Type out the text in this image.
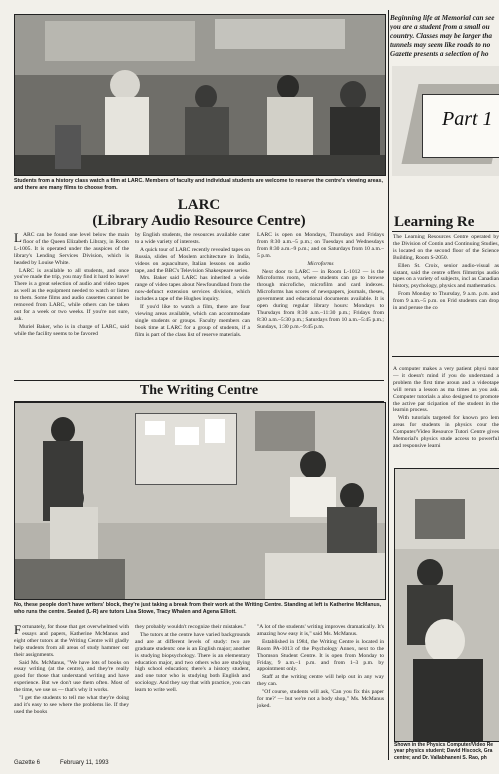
Students from a history class watch a film at LARC. Members of faculty and individual students are welcome to reserve the centre's viewing areas, and there are many films to choose from.
LARC
(Library Audio Resource Centre)

LARC can be found one level below the main floor of the Queen Elizabeth Library, in Room L-1005. It is operated under the auspices of the library's Lending Services Division, which is headed by Louise White.

LARC is available to all students, and once you've made the trip, you may find it hard to leave! There is a great selection of audio and video tapes as well as the equipment needed to watch or listen to them. Some films and audio cassettes cannot be removed from LARC, while others can be taken out for a week or two weeks. If you're not sure, ask.

Muriel Baker, who is in charge of LARC, said while the facility seems to be favored

by English students, the resources available cater to a wide variety of interests.

A quick tour of LARC recently revealed tapes on Russia, slides of Moslem architecture in India, videos on aquaculture, Italian lessons on audio tape, and the BBC's Television Shakespeare series.

Mrs. Baker said LARC has inherited a wide range of video tapes about Newfoundland from the now-defunct extension services division, which includes a tape of the Hughes inquiry.

If you'd like to watch a film, there are four viewing areas available, which can accommodate single students or groups. Faculty members can book time at LARC for a group of students, if a film is part of the class list of reserve materials.

LARC is open on Mondays, Thursdays and Fridays from 8:30 a.m.–5 p.m.; on Tuesdays and Wednesdays from 8:30 a.m.–9 p.m.; and on Saturdays from 10 a.m.–5 p.m.

Microforms

Next door to LARC — in Room L-1012 — is the Microforms room, where students can go to browse through microfiche, microfilm and card indexes. Microforms has scores of newspapers, journals, theses, government and educational documents available. It is open during regular library hours: Mondays to Thursdays from 8:30 a.m.–11:30 p.m.; Fridays from 8:30 a.m.–5:30 p.m.; Saturdays from 10 a.m.–5:45 p.m.; Sundays, 1:30 p.m.–9:45 p.m.

The Writing Centre
No, these people don't have writers' block, they're just taking a break from their work at the Writing Centre. Standing at left is Katherine McManus, who runs the centre. Seated (L-R) are tutors Lisa Stowe, Tracy Whalen and Agena Elliott.

Fortunately, for those that get overwhelmed with essays and papers, Katherine McManus and eight other tutors at the Writing Centre will gladly help students from all areas of study hammer out their assignments.

Said Ms. McManus, "We have lots of books on essay writing (at the centre), and they're really good for those that understand writing and have experience. But we don't use them often. Most of the time, we use us — that's why it works.

"I get the students to tell me what they're doing and it's easy to see where the problems lie. If they used the books

they probably wouldn't recognize their mistakes."

The tutors at the centre have varied backgrounds and are at different levels of study: two are graduate students: one is an English major; another is studying biopsychology. There is an elementary education major, and two others who are studying high school education; there's a history student, and one tutor who is studying both English and sociology. And they say that with practice, you can learn to write well.

"A lot of the students' writing improves dramatically. It's amazing how easy it is," said Ms. McManus.

Established in 1984, the Writing Centre is located in Room PA-1013 of the Psychology Annex, next to the Thomson Student Centre. It is open from Monday to Friday, 9 a.m.–1 p.m. and from 1–3 p.m. by appointment only.

Staff at the writing centre will help out in any way they can.

"Of course, students will ask, 'Can you fix this paper for me?' — but we're not a body shop," Ms. McManus joked.

Beginning life at Memorial can see you are a student from a small ou country. Classes may be larger tha tunnels may seem like roads to no Gazette presents a selection of ho
Part 1
Learning Re

The Learning Resources Centre operated by the Division of Contin and Continuing Studies, is located on the second floor of the Science Building, Room S-2050.

Ellen St. Croix, senior audio-visual as sistant, said the centre offers filmstrips audio tapes on a variety of subjects, incl as Canadian history, psychology, physics and mathematics.

From Monday to Thursday, 9 a.m. p.m. and from 9 a.m.–5 p.m. on Frid students can drop in and peruse the co

A computer makes a very patient physi tutor — it doesn't mind if you do understand a problem the first time aroun and a videotape will rerun a lesson as ma times as you ask. Computer tutorials a also designed to promote the active par ticipation of the student in the learnin process.

With tutorials targeted for known pro lem areas for students in physics cour the Computer/Video Resource Tutori Centre gives Memorial's physics stude access to powerful and responsive learni

Shown in the Physics Computer/Video Re year physics student; David Hiscock, Gra centre; and Dr. Vallabhaneni S. Rao, ph
Gazette 6	February 11, 1993
